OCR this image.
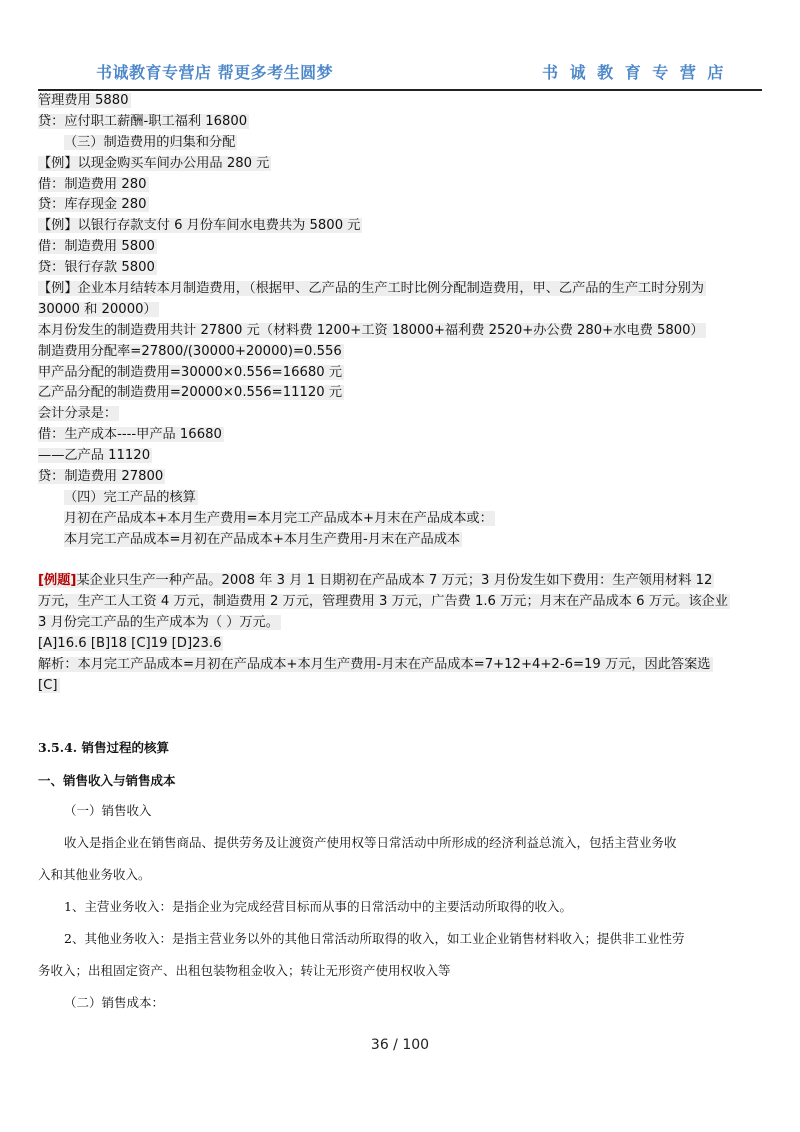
书诚教育专营店 帮更多考生圆梦	书 诚 教 育 专 营 店
管理费用 5880
贷：应付职工薪酬-职工福利 16800
（三）制造费用的归集和分配
【例】以现金购买车间办公用品 280 元
借：制造费用 280
贷：库存现金 280
【例】以银行存款支付 6 月份车间水电费共为 5800 元
借：制造费用 5800
贷：银行存款 5800
【例】企业本月结转本月制造费用，（根据甲、乙产品的生产工时比例分配制造费用，甲、乙产品的生产工时分别为
30000 和 20000）
本月份发生的制造费用共计 27800 元（材料费 1200+工资 18000+福利费 2520+办公费 280+水电费 5800）
制造费用分配率=27800/(30000+20000)=0.556
甲产品分配的制造费用=30000×0.556=16680 元
乙产品分配的制造费用=20000×0.556=11120 元
会计分录是：
借：生产成本----甲产品 16680
——乙产品 11120
贷：制造费用 27800
（四）完工产品的核算
月初在产品成本+本月生产费用=本月完工产品成本+月末在产品成本或：
本月完工产品成本=月初在产品成本+本月生产费用-月末在产品成本
[例题]某企业只生产一种产品。2008 年 3 月 1 日期初在产品成本 7 万元；3 月份发生如下费用：生产领用材料 12
万元，生产工人工资 4 万元，制造费用 2 万元，管理费用 3 万元，广告费 1.6 万元；月末在产品成本 6 万元。该企业
3 月份完工产品的生产成本为（ ）万元。
[A]16.6 [B]18 [C]19 [D]23.6
解析：本月完工产品成本=月初在产品成本+本月生产费用-月末在产品成本=7+12+4+2-6=19 万元，因此答案选
[C]
3.5.4. 销售过程的核算
一、销售收入与销售成本
（一）销售收入
收入是指企业在销售商品、提供劳务及让渡资产使用权等日常活动中所形成的经济利益总流入，包括主营业务收
入和其他业务收入。
1、主营业务收入：是指企业为完成经营目标而从事的日常活动中的主要活动所取得的收入。
2、其他业务收入：是指主营业务以外的其他日常活动所取得的收入，如工业企业销售材料收入；提供非工业性劳
务收入；出租固定资产、出租包装物租金收入；转让无形资产使用权收入等
（二）销售成本：
36 / 100
